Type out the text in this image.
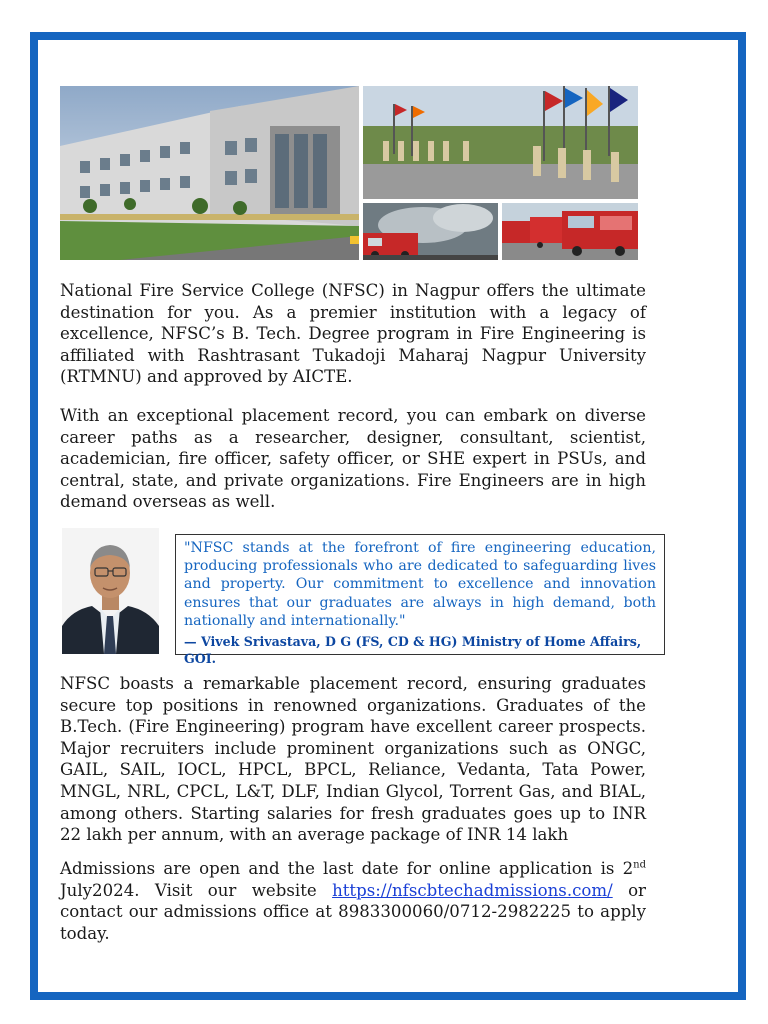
National Fire Service College (NFSC) in Nagpur offers the ultimate destination for you. As a premier institution with a legacy of excellence, NFSC’s B. Tech. Degree program in Fire Engineering is affiliated with Rashtrasant Tukadoji Maharaj Nagpur University (RTMNU) and approved by AICTE.

With an exceptional placement record, you can embark on diverse career paths as a researcher, designer, consultant, scientist, academician, fire officer, safety officer, or SHE expert in PSUs, and central, state, and private organizations. Fire Engineers are in high demand overseas as well.

"NFSC stands at the forefront of fire engineering education, producing professionals who are dedicated to safeguarding lives and property. Our commitment to excellence and innovation ensures that our graduates are always in high demand, both nationally and internationally."

— Vivek Srivastava, D G (FS, CD & HG) Ministry of Home Affairs, GOI.

NFSC boasts a remarkable placement record, ensuring graduates secure top positions in renowned organizations. Graduates of the B.Tech. (Fire Engineering) program have excellent career prospects. Major recruiters include prominent organizations such as ONGC, GAIL, SAIL, IOCL, HPCL, BPCL, Reliance, Vedanta, Tata Power, MNGL, NRL, CPCL, L&T, DLF, Indian Glycol, Torrent Gas, and BIAL, among others. Starting salaries for fresh graduates goes up to INR 22 lakh per annum, with an average package of INR 14 lakh

Admissions are open and the last date for online application is 2nd July2024. Visit our website https://nfscbtechadmissions.com/ or contact our admissions office at 8983300060/0712-2982225 to apply today.
